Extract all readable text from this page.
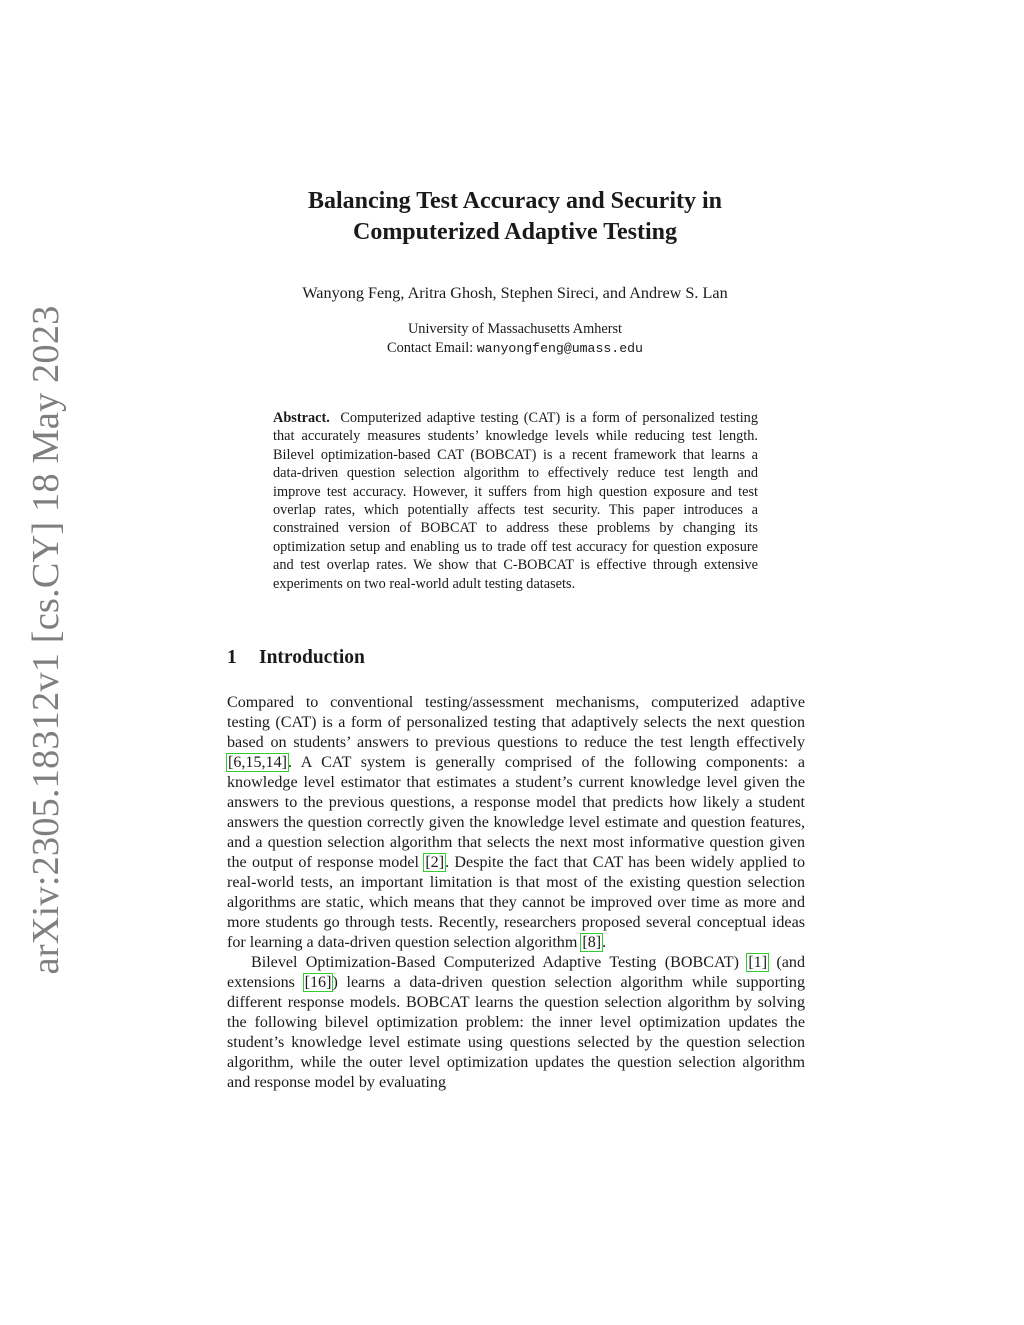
arXiv:2305.18312v1 [cs.CY] 18 May 2023
Balancing Test Accuracy and Security in
Computerized Adaptive Testing
Wanyong Feng, Aritra Ghosh, Stephen Sireci, and Andrew S. Lan
University of Massachusetts Amherst
Contact Email: wanyongfeng@umass.edu
Abstract. Computerized adaptive testing (CAT) is a form of personalized testing that accurately measures students’ knowledge levels while reducing test length. Bilevel optimization-based CAT (BOBCAT) is a recent framework that learns a data-driven question selection algorithm to effectively reduce test length and improve test accuracy. However, it suffers from high question exposure and test overlap rates, which potentially affects test security. This paper introduces a constrained version of BOBCAT to address these problems by changing its optimization setup and enabling us to trade off test accuracy for question exposure and test overlap rates. We show that C-BOBCAT is effective through extensive experiments on two real-world adult testing datasets.
1 Introduction

Compared to conventional testing/assessment mechanisms, computerized adaptive testing (CAT) is a form of personalized testing that adaptively selects the next question based on students’ answers to previous questions to reduce the test length effectively [6,15,14]. A CAT system is generally comprised of the following components: a knowledge level estimator that estimates a student’s current knowledge level given the answers to the previous questions, a response model that predicts how likely a student answers the question correctly given the knowledge level estimate and question features, and a question selection algorithm that selects the next most informative question given the output of response model [2]. Despite the fact that CAT has been widely applied to real-world tests, an important limitation is that most of the existing question selection algorithms are static, which means that they cannot be improved over time as more and more students go through tests. Recently, researchers proposed several conceptual ideas for learning a data-driven question selection algorithm [8].

Bilevel Optimization-Based Computerized Adaptive Testing (BOBCAT) [1] (and extensions [16]) learns a data-driven question selection algorithm while supporting different response models. BOBCAT learns the question selection algorithm by solving the following bilevel optimization problem: the inner level optimization updates the student’s knowledge level estimate using questions selected by the question selection algorithm, while the outer level optimization updates the question selection algorithm and response model by evaluating
